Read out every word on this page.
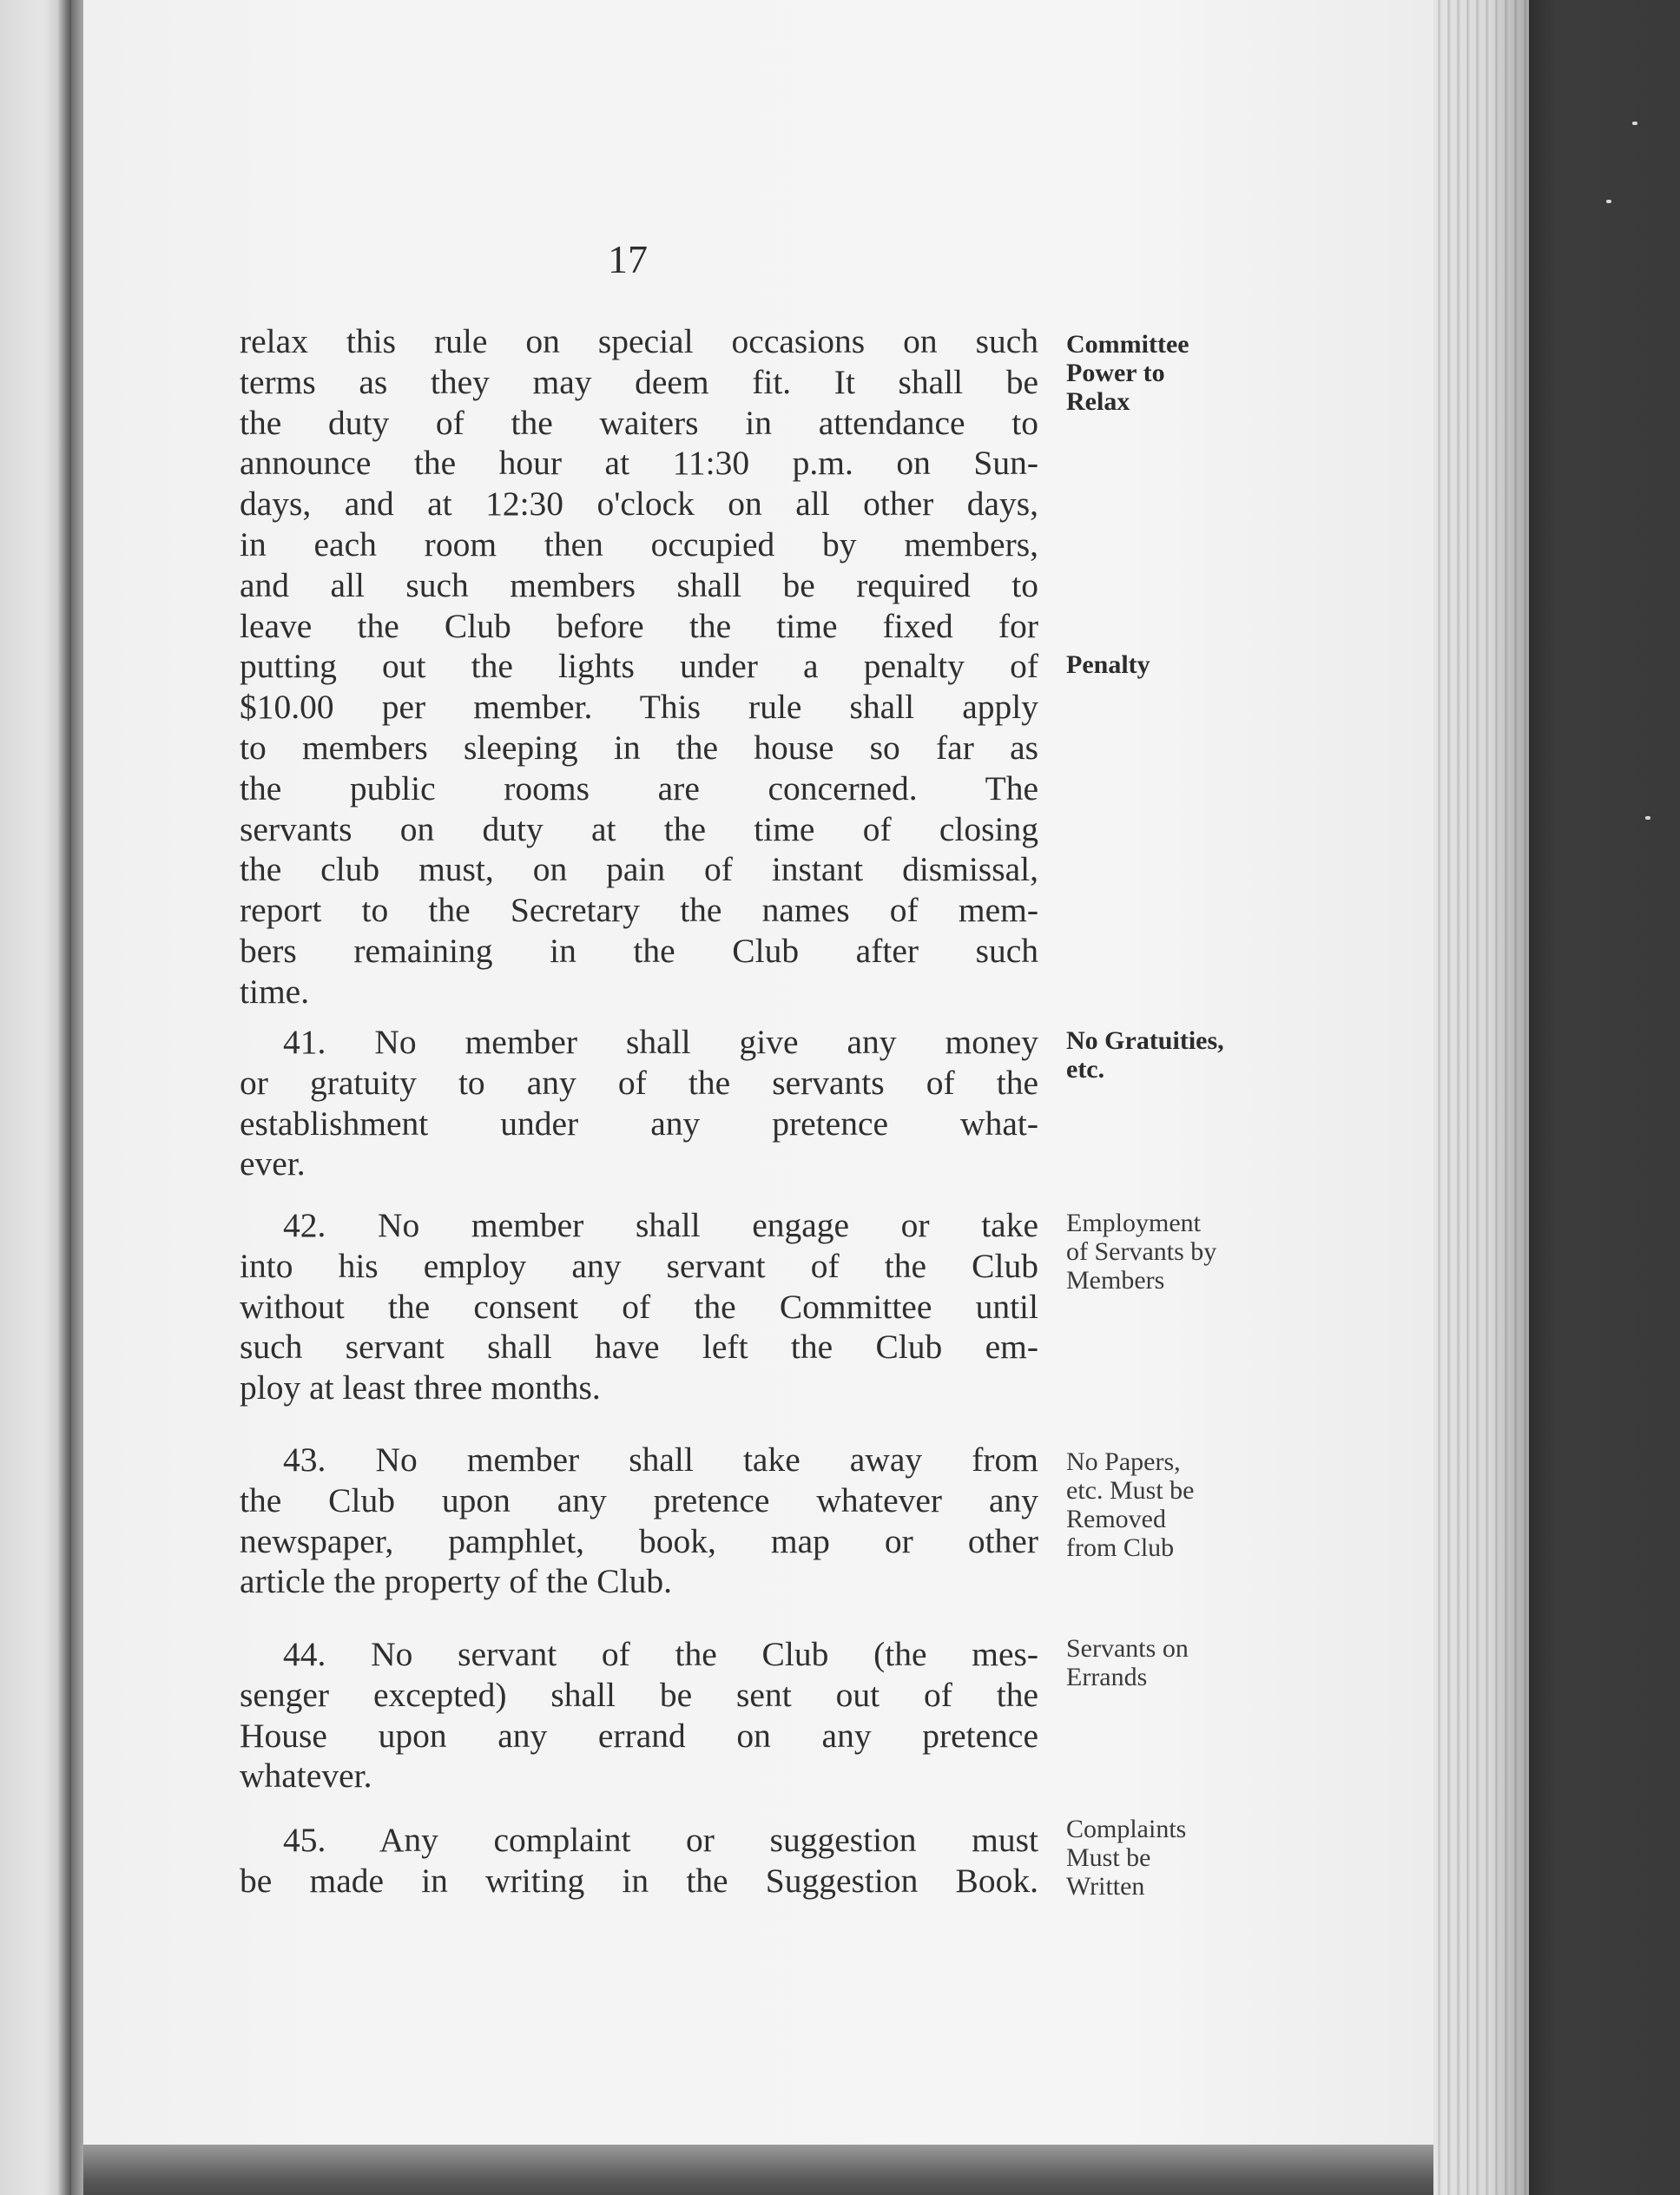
17
relax this rule on special occasions on such
terms as they may deem fit. It shall be
the duty of the waiters in attendance to
announce the hour at 11:30 p.m. on Sun-
days, and at 12:30 o'clock on all other days,
in each room then occupied by members,
and all such members shall be required to
leave the Club before the time fixed for
putting out the lights under a penalty of
$10.00 per member. This rule shall apply
to members sleeping in the house so far as
the public rooms are concerned. The
servants on duty at the time of closing
the club must, on pain of instant dismissal,
report to the Secretary the names of mem-
bers remaining in the Club after such
time.
41. No member shall give any money
or gratuity to any of the servants of the
establishment under any pretence what-
ever.
42. No member shall engage or take
into his employ any servant of the Club
without the consent of the Committee until
such servant shall have left the Club em-
ploy at least three months.
43. No member shall take away from
the Club upon any pretence whatever any
newspaper, pamphlet, book, map or other
article the property of the Club.
44. No servant of the Club (the mes-
senger excepted) shall be sent out of the
House upon any errand on any pretence
whatever.
45. Any complaint or suggestion must
be made in writing in the Suggestion Book.
Committee
Power to
Relax
Penalty
No Gratuities,
etc.
Employment
of Servants by
Members
No Papers,
etc. Must be
Removed
from Club
Servants on
Errands
Complaints
Must be
Written
